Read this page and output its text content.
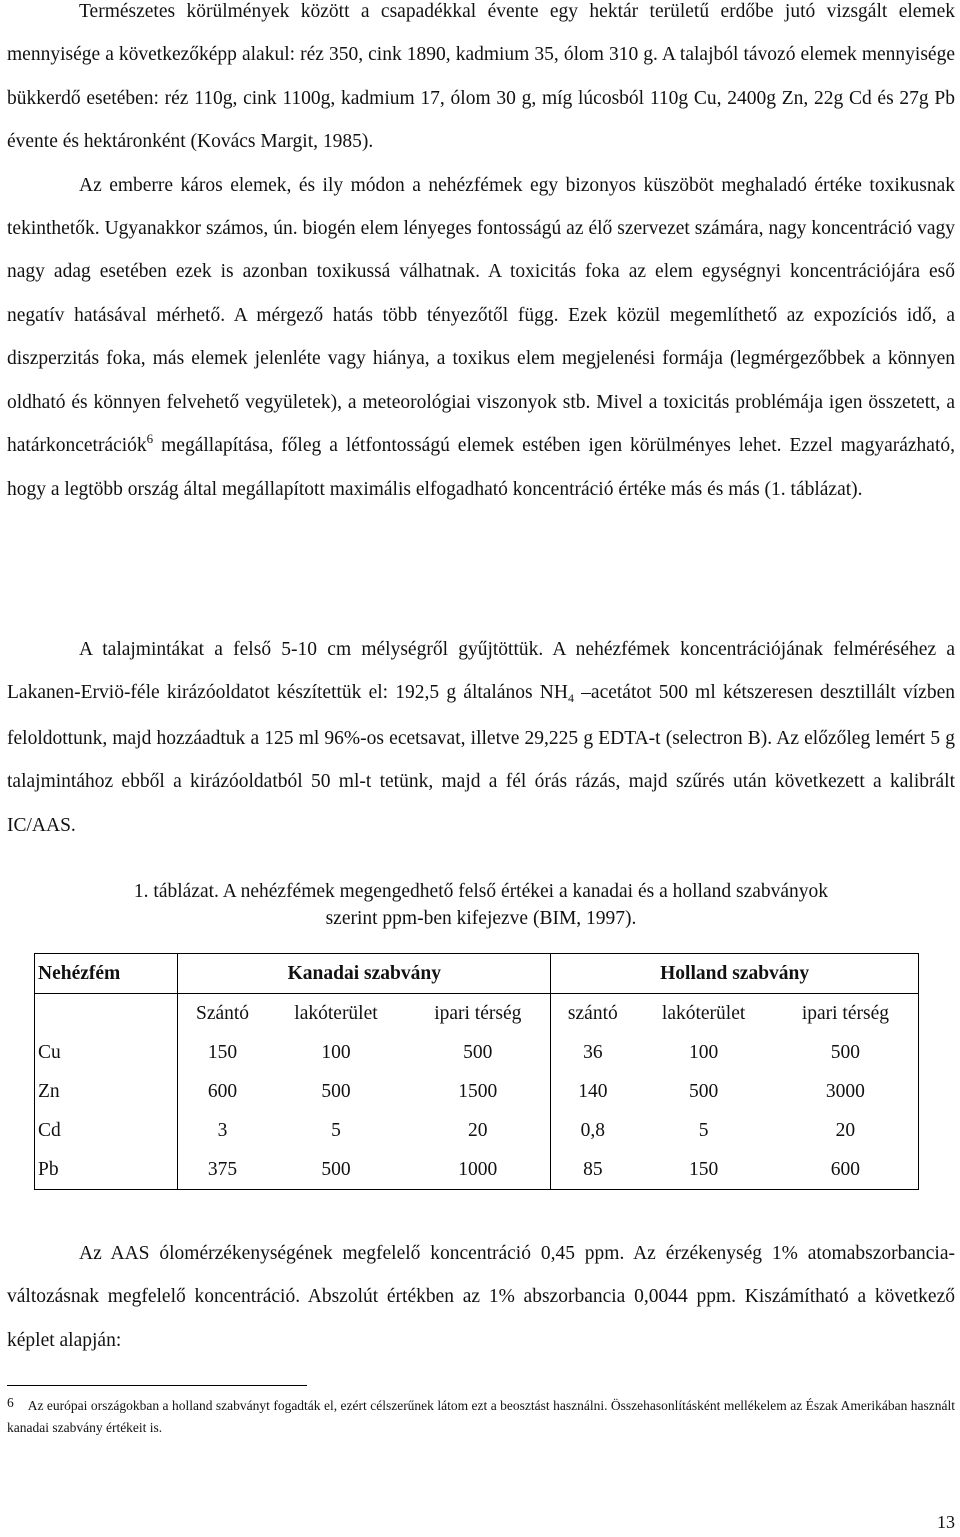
Természetes körülmények között a csapadékkal évente egy hektár területű erdőbe jutó vizsgált elemek mennyisége a következőképp alakul: réz 350, cink 1890, kadmium 35, ólom 310 g. A talajból távozó elemek mennyisége bükkerdő esetében: réz 110g, cink 1100g, kadmium 17, ólom 30 g, míg lúcosból 110g Cu, 2400g Zn, 22g Cd és 27g Pb évente és hektáronként (Kovács Margit, 1985).
Az emberre káros elemek, és ily módon a nehézfémek egy bizonyos küszöböt meghaladó értéke toxikusnak tekinthetők. Ugyanakkor számos, ún. biogén elem lényeges fontosságú az élő szervezet számára, nagy koncentráció vagy nagy adag esetében ezek is azonban toxikussá válhatnak. A toxicitás foka az elem egységnyi koncentrációjára eső negatív hatásával mérhető. A mérgező hatás több tényezőtől függ. Ezek közül megemlíthető az expozíciós idő, a diszperzitás foka, más elemek jelenléte vagy hiánya, a toxikus elem megjelenési formája (legmérgezőbbek a könnyen oldható és könnyen felvehető vegyületek), a meteorológiai viszonyok stb. Mivel a toxicitás problémája igen összetett, a határkoncetrációk$^6$ megállapítása, főleg a létfontosságú elemek estében igen körülményes lehet. Ezzel magyarázható, hogy a legtöbb ország által megállapított maximális elfogadható koncentráció értéke más és más (1. táblázat).

A talajmintákat a felső 5-10 cm mélységről gyűjtöttük. A nehézfémek koncentrációjának felméréséhez a Lakanen-Erviö-féle kirázóoldatot készítettük el: 192,5 g általános $NH_4$ –acetátot 500 ml kétszeresen desztillált vízben feloldottunk, majd hozzáadtuk a 125 ml 96%-os ecetsavat, illetve 29,225 g EDTA-t (selectron B). Az előzőleg lemért 5 g talajmintához ebből a kirázóoldatból 50 ml-t tetünk, majd a fél órás rázás, majd szűrés után következett a kalibrált IC/AAS.

1. táblázat. A nehézfémek megengedhető felső értékei a kanadai és a holland szabványok
szerint ppm-ben kifejezve (BIM, 1997).

Nehézfém	Kanadai szabvány			Holland szabvány		
	Szántó	lakóterület	ipari térség	szántó	lakóterület	ipari térség
Cu	150	100	500	36	100	500
Zn	600	500	1500	140	500	3000
Cd	3	5	20	0,8	5	20
Pb	375	500	1000	85	150	600

Az AAS ólomérzékenységének megfelelő koncentráció 0,45 ppm. Az érzékenység 1% atomabszorbancia-változásnak megfelelő koncentráció. Abszolút értékben az 1% abszorbancia 0,0044 ppm. Kiszámítható a következő képlet alapján:

$^6$ Az európai országokban a holland szabványt fogadták el, ezért célszerűnek látom ezt a beosztást használni. Összehasonlításként mellékelem az Észak Amerikában használt kanadai szabvány értékeit is.

13
